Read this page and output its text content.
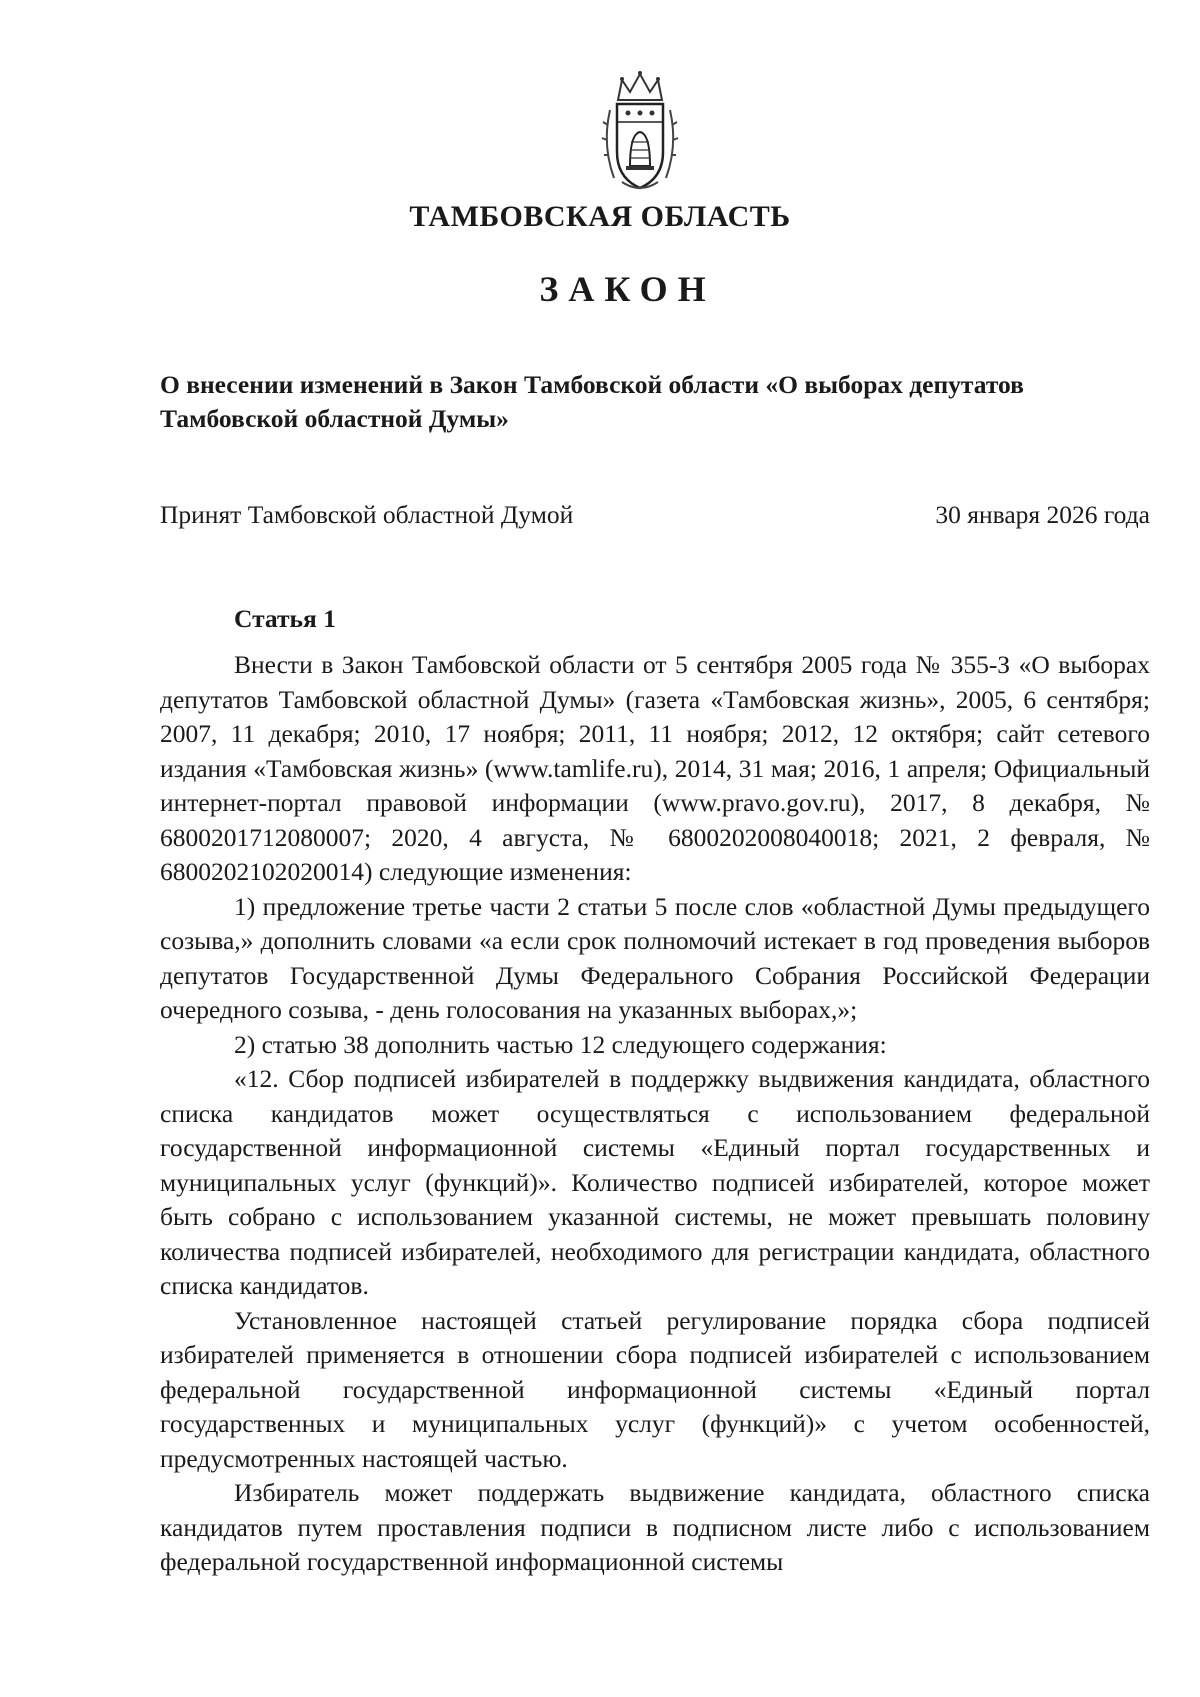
ТАМБОВСКАЯ ОБЛАСТЬ
ЗАКОН
О внесении изменений в Закон Тамбовской области «О выборах депутатов Тамбовской областной Думы»
Принят Тамбовской областной Думой	30 января 2026 года
Статья 1

Внести в Закон Тамбовской области от 5 сентября 2005 года № 355-З «О выборах депутатов Тамбовской областной Думы» (газета «Тамбовская жизнь», 2005, 6 сентября; 2007, 11 декабря; 2010, 17 ноября; 2011, 11 ноября; 2012, 12 октября; сайт сетевого издания «Тамбовская жизнь» (www.tamlife.ru), 2014, 31 мая; 2016, 1 апреля; Официальный интернет-портал правовой информации (www.pravo.gov.ru), 2017, 8 декабря, № 6800201712080007; 2020, 4 августа, № 6800202008040018; 2021, 2 февраля, № 6800202102020014) следующие изменения:

1) предложение третье части 2 статьи 5 после слов «областной Думы предыдущего созыва,» дополнить словами «а если срок полномочий истекает в год проведения выборов депутатов Государственной Думы Федерального Собрания Российской Федерации очередного созыва, - день голосования на указанных выборах,»;

2) статью 38 дополнить частью 12 следующего содержания:

«12. Сбор подписей избирателей в поддержку выдвижения кандидата, областного списка кандидатов может осуществляться с использованием федеральной государственной информационной системы «Единый портал государственных и муниципальных услуг (функций)». Количество подписей избирателей, которое может быть собрано с использованием указанной системы, не может превышать половину количества подписей избирателей, необходимого для регистрации кандидата, областного списка кандидатов.

Установленное настоящей статьей регулирование порядка сбора подписей избирателей применяется в отношении сбора подписей избирателей с использованием федеральной государственной информационной системы «Единый портал государственных и муниципальных услуг (функций)» с учетом особенностей, предусмотренных настоящей частью.

Избиратель может поддержать выдвижение кандидата, областного списка кандидатов путем проставления подписи в подписном листе либо с использованием федеральной государственной информационной системы
